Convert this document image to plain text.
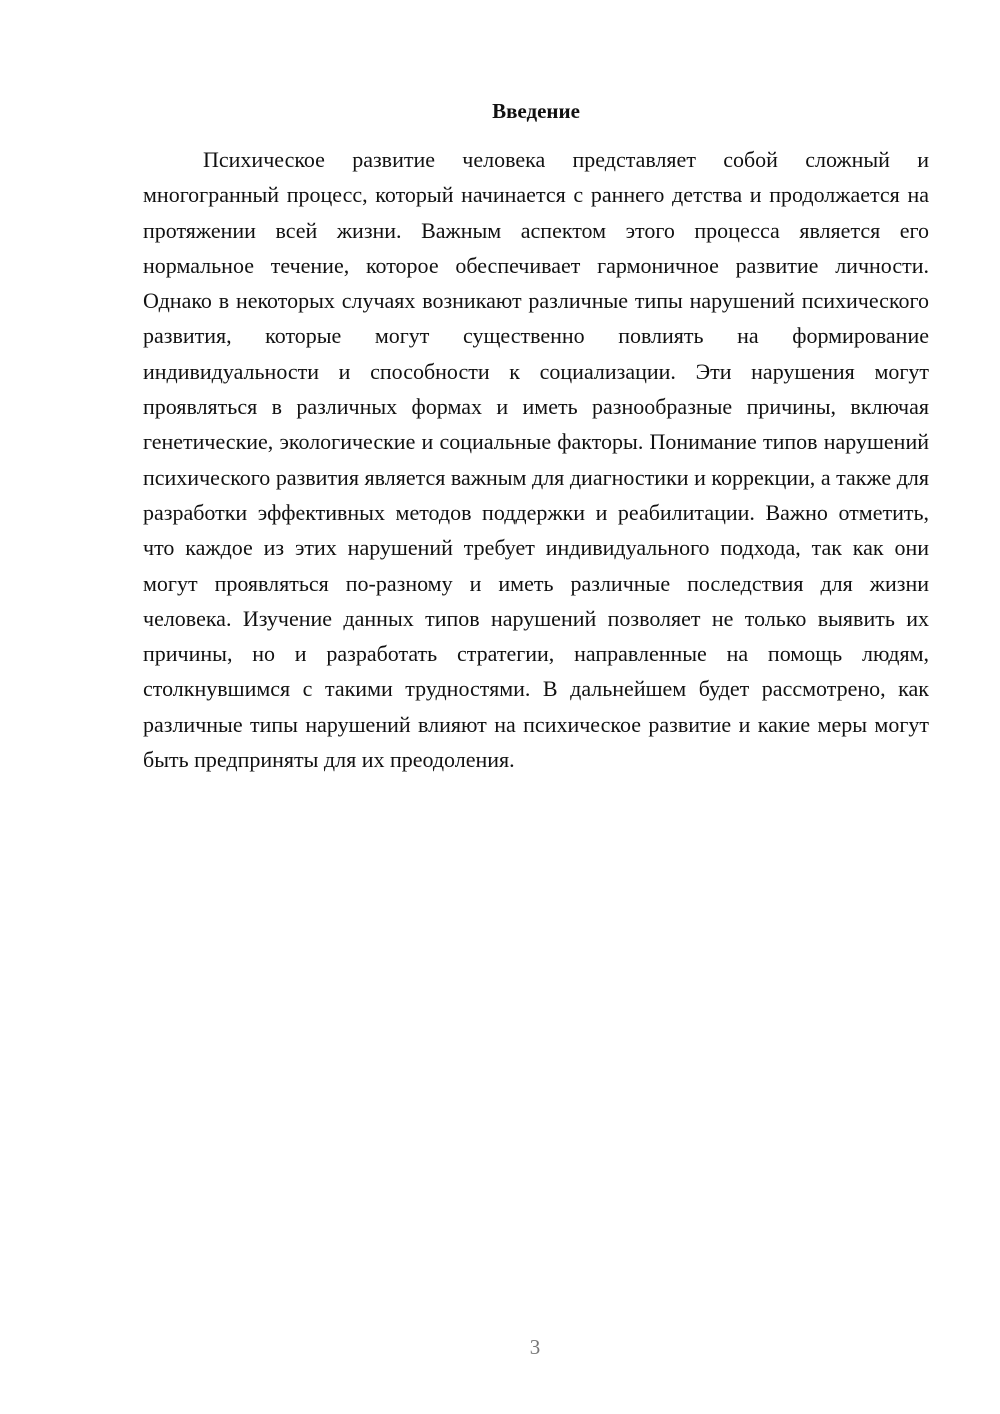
Введение

Психическое развитие человека представляет собой сложный и многогранный процесс, который начинается с раннего детства и продолжается на протяжении всей жизни. Важным аспектом этого процесса является его нормальное течение, которое обеспечивает гармоничное развитие личности. Однако в некоторых случаях возникают различные типы нарушений психического развития, которые могут существенно повлиять на формирование индивидуальности и способности к социализации. Эти нарушения могут проявляться в различных формах и иметь разнообразные причины, включая генетические, экологические и социальные факторы. Понимание типов нарушений психического развития является важным для диагностики и коррекции, а также для разработки эффективных методов поддержки и реабилитации. Важно отметить, что каждое из этих нарушений требует индивидуального подхода, так как они могут проявляться по-разному и иметь различные последствия для жизни человека. Изучение данных типов нарушений позволяет не только выявить их причины, но и разработать стратегии, направленные на помощь людям, столкнувшимся с такими трудностями. В дальнейшем будет рассмотрено, как различные типы нарушений влияют на психическое развитие и какие меры могут быть предприняты для их преодоления.

3
